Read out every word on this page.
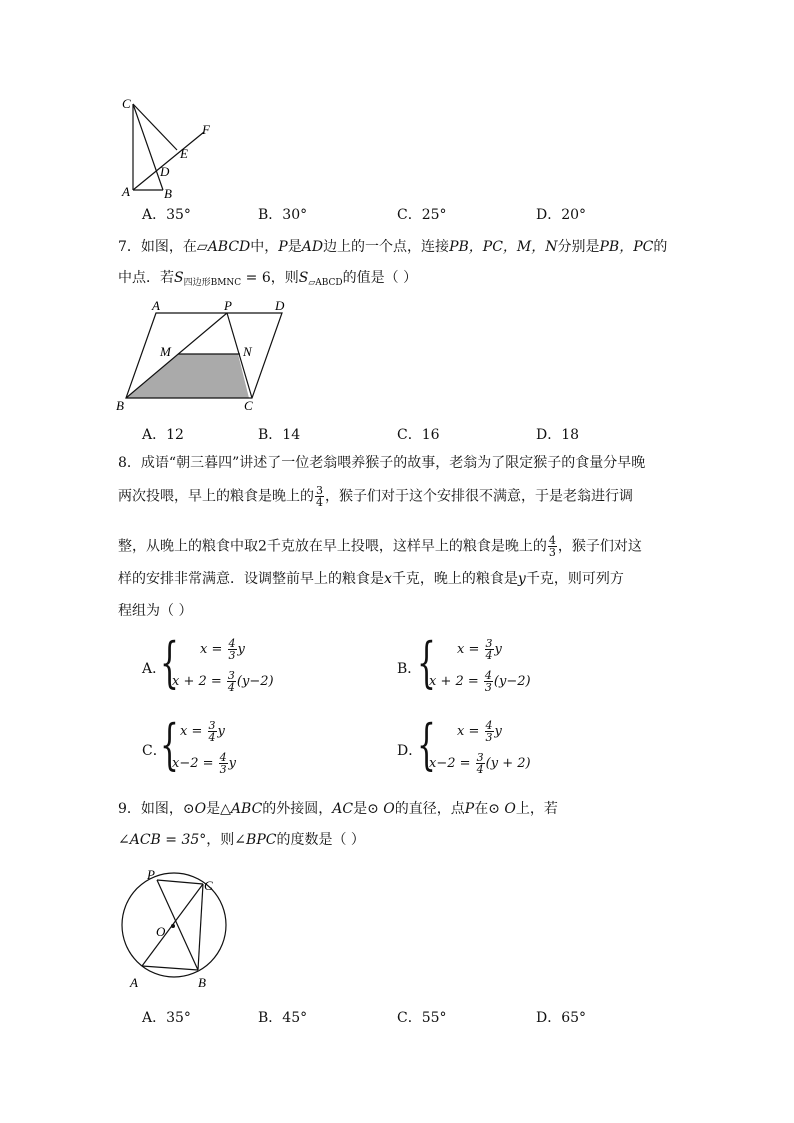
C
F
E
D
A	B
A．35°	B．30°	C．25°	D．20°
7．如图，在▱ABCD中，P是AD边上的一个点，连接PB，PC，M，N分别是PB，PC的
中点．若$S_{四边形BMNC} = 6$，则$S_{▱ABCD}$的值是（ ）
A	P	D
M	N
B	C
A．12	B．14	C．16	D．18
8．成语“朝三暮四”讲述了一位老翁喂养猴子的故事，老翁为了限定猴子的食量分早晚
两次投喂，早上的粮食是晚上的 $\frac{3}{4}$ ，猴子们对于这个安排很不满意，于是老翁进行调
整，从晚上的粮食中取2千克放在早上投喂，这样早上的粮食是晚上的 $\frac{4}{3}$ ，猴子们对这
样的安排非常满意．设调整前早上的粮食是x千克，晚上的粮食是y千克，则可列方
程组为（ ）
A．
{ $x = \frac{4}{3}$ y
$x + 2 = \frac{3}{4} (y-2)$
B．
{ $x = \frac{3}{4}$ y
$x + 2 = \frac{4}{3} (y-2)$
C．
{ $x = \frac{3}{4}$ y
$x-2 = \frac{4}{3}$ y
D．
{ $x = \frac{4}{3}$ y
$x-2 = \frac{3}{4} (y + 2)$
9．如图，⊙O是△ABC的外接圆，AC是⊙ O的直径，点P在⊙ O上，若
∠ACB = 35°，则∠BPC的度数是（ ）
P
C
O
A	B
A．35°	B．45°	C．55°	D．65°
